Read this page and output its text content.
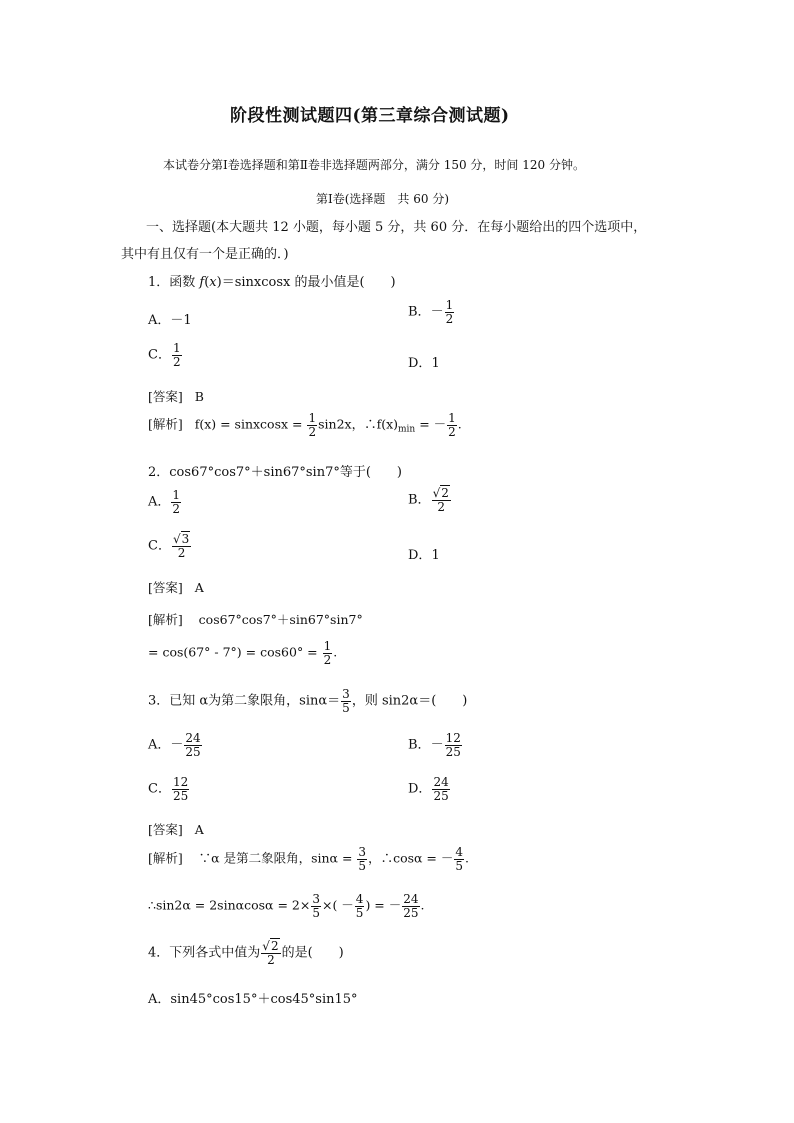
阶段性测试题四(第三章综合测试题)
本试卷分第Ⅰ卷选择题和第Ⅱ卷非选择题两部分，满分 150 分，时间 120 分钟。
第Ⅰ卷(选择题　共 60 分)
一、选择题(本大题共 12 小题，每小题 5 分，共 60 分．在每小题给出的四个选项中，
其中有且仅有一个是正确的．)
1．函数 f(x)＝sinxcosx 的最小值是(　　)
A．－1
B．－ $\frac{1}{2}$
C． $\frac{1}{2}$	D．1
[答案] B
[解析] f(x) = sinxcosx = $\frac{1}{2} \sin 2x$，$\therefore f(x)_{min}$ = － $\frac{1}{2}$ .
2．cos67°cos7°＋sin67°sin7°等于(　　)
A． $\frac{1}{2}$	B． $\frac{√2}{2}$
C． $\frac{√3}{2}$	D．1
[答案] A
[解析] cos67°cos7°＋sin67°sin7°
= $\cos(67^\circ - 7^\circ) = \cos 60^\circ = \frac{1}{2}$ .
3．已知 α为第二象限角，$\sin\alpha= \frac{3}{5}$ ，则 sin2α＝(　　)
A．－ $\frac{24}{25}$	B．－ $\frac{12}{25}$
C． $\frac{12}{25}$	D． $\frac{24}{25}$
[答案] A
[解析] ∵α 是第二象限角，$\sin\alpha = \frac{3}{5}$ ，∴cosα = － $\frac{4}{5}$ .
∴sin2α = $2\sin\alpha\cos\alpha = 2\times \frac{3}{5}$ ×( － $\frac{4}{5}$ ) = － $\frac{24}{25}$ .
4．下列各式中值为 $\frac{√2}{2}$ 的是(　　)
A．sin45°cos15°＋cos45°sin15°
